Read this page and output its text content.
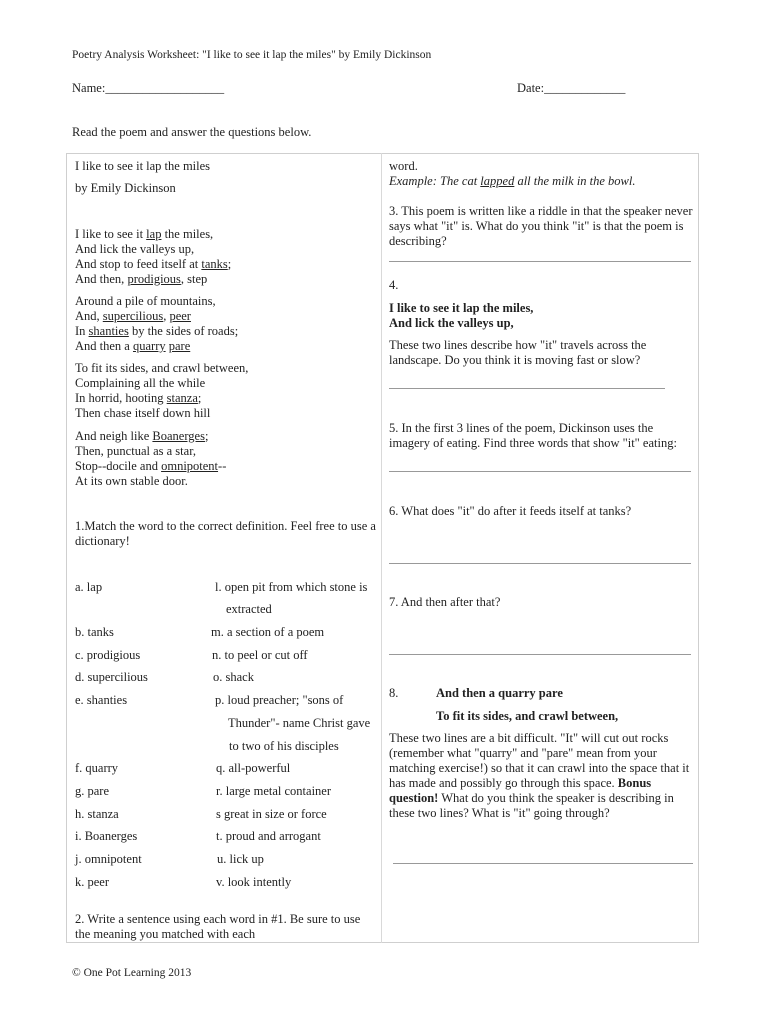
Poetry Analysis Worksheet: "I like to see it lap the miles" by Emily Dickinson
Name:___________________	Date:_____________
Read the poem and answer the questions below.
I like to see it lap the miles
by Emily Dickinson
I like to see it lap the miles,
And lick the valleys up,
And stop to feed itself at tanks;
And then, prodigious, step
Around a pile of mountains,
And, supercilious, peer
In shanties by the sides of roads;
And then a quarry pare
To fit its sides, and crawl between,
Complaining all the while
In horrid, hooting stanza;
Then chase itself down hill
And neigh like Boanerges;
Then, punctual as a star,
Stop--docile and omnipotent--
At its own stable door.
1.Match the word to the correct definition. Feel free to use a
dictionary!
a. lap
b. tanks
c. prodigious
d. supercilious
e. shanties
f. quarry
g. pare
h. stanza
i. Boanerges
j. omnipotent
k. peer
l. open pit from which stone is
extracted
m. a section of a poem
n. to peel or cut off
o. shack
p. loud preacher; "sons of
Thunder"- name Christ gave
to two of his disciples
q. all-powerful
r. large metal container
s great in size or force
t. proud and arrogant
u. lick up
v. look intently
2. Write a sentence using each word in #1. Be sure to use
the meaning you matched with each
word.
Example: The cat lapped all the milk in the bowl.
3. This poem is written like a riddle in that the speaker never
says what "it" is. What do you think "it" is that the poem is
describing?
4.
I like to see it lap the miles,
And lick the valleys up,
These two lines describe how "it" travels across the
landscape. Do you think it is moving fast or slow?
5. In the first 3 lines of the poem, Dickinson uses the
imagery of eating. Find three words that show "it" eating:
6. What does "it" do after it feeds itself at tanks?
7. And then after that?
8.	And then a quarry pare
To fit its sides, and crawl between,
These two lines are a bit difficult. "It" will cut out rocks
(remember what "quarry" and "pare" mean from your
matching exercise!) so that it can crawl into the space that it
has made and possibly go through this space. Bonus
question! What do you think the speaker is describing in
these two lines? What is "it" going through?
© One Pot Learning 2013
